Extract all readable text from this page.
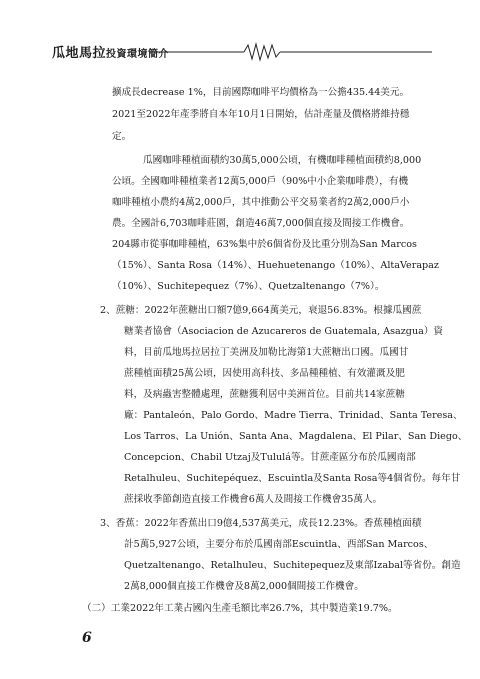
瓜地馬拉投資環境簡介
擴成長decrease 1%，目前國際咖啡平均價格為一公擔435.44美元。
2021至2022年產季將自本年10月1日開始，估計產量及價格將維持穩
定。
瓜國咖啡種植面積約30萬5,000公頃，有機咖啡種植面積約8,000
公頃。全國咖啡種植業者12萬5,000戶（90%中小企業咖啡農），有機
咖啡種植小農約4萬2,000戶，其中推動公平交易業者約2萬2,000戶小
農。全國計6,703咖啡莊園，創造46萬7,000個直接及間接工作機會。
204縣市從事咖啡種植，63%集中於6個省份及比重分別為San Marcos
（15%）、Santa Rosa（14%）、Huehuetenango（10%）、AltaVerapaz
（10%）、Suchitepequez（7%）、Quetzaltenango（7%）。
2、蔗糖：2022年蔗糖出口額7億9,664萬美元，衰退56.83%。根據瓜國蔗
糖業者協會（Asociacion de Azucareros de Guatemala, Asazgua）資
料，目前瓜地馬拉居拉丁美洲及加勒比海第1大蔗糖出口國。瓜國甘
蔗種植面積25萬公頃，因使用高科技、多品種種植、有效灌溉及肥
料，及病蟲害整體處理，蔗糖獲利居中美洲首位。目前共14家蔗糖
廠：Pantaleón、Palo Gordo、Madre Tierra、Trinidad、Santa Teresa、
Los Tarros、La Unión、Santa Ana、Magdalena、El Pilar、San Diego、
Concepcion、Chabil Utzaj及Tululá等。甘蔗產區分布於瓜國南部
Retalhuleu、Suchitepéquez、Escuintla及Santa Rosa等4個省份。每年甘
蔗採收季節創造直接工作機會6萬人及間接工作機會35萬人。
3、香蕉：2022年香蕉出口9億4,537萬美元，成長12.23%。香蕉種植面積
計5萬5,927公頃，主要分布於瓜國南部Escuintla、西部San Marcos、
Quetzaltenango、Retalhuleu、Suchitepequez及東部Izabal等省份。創造
2萬8,000個直接工作機會及8萬2,000個間接工作機會。
（二）工業2022年工業占國內生產毛額比率26.7%，其中製造業19.7%。
6
